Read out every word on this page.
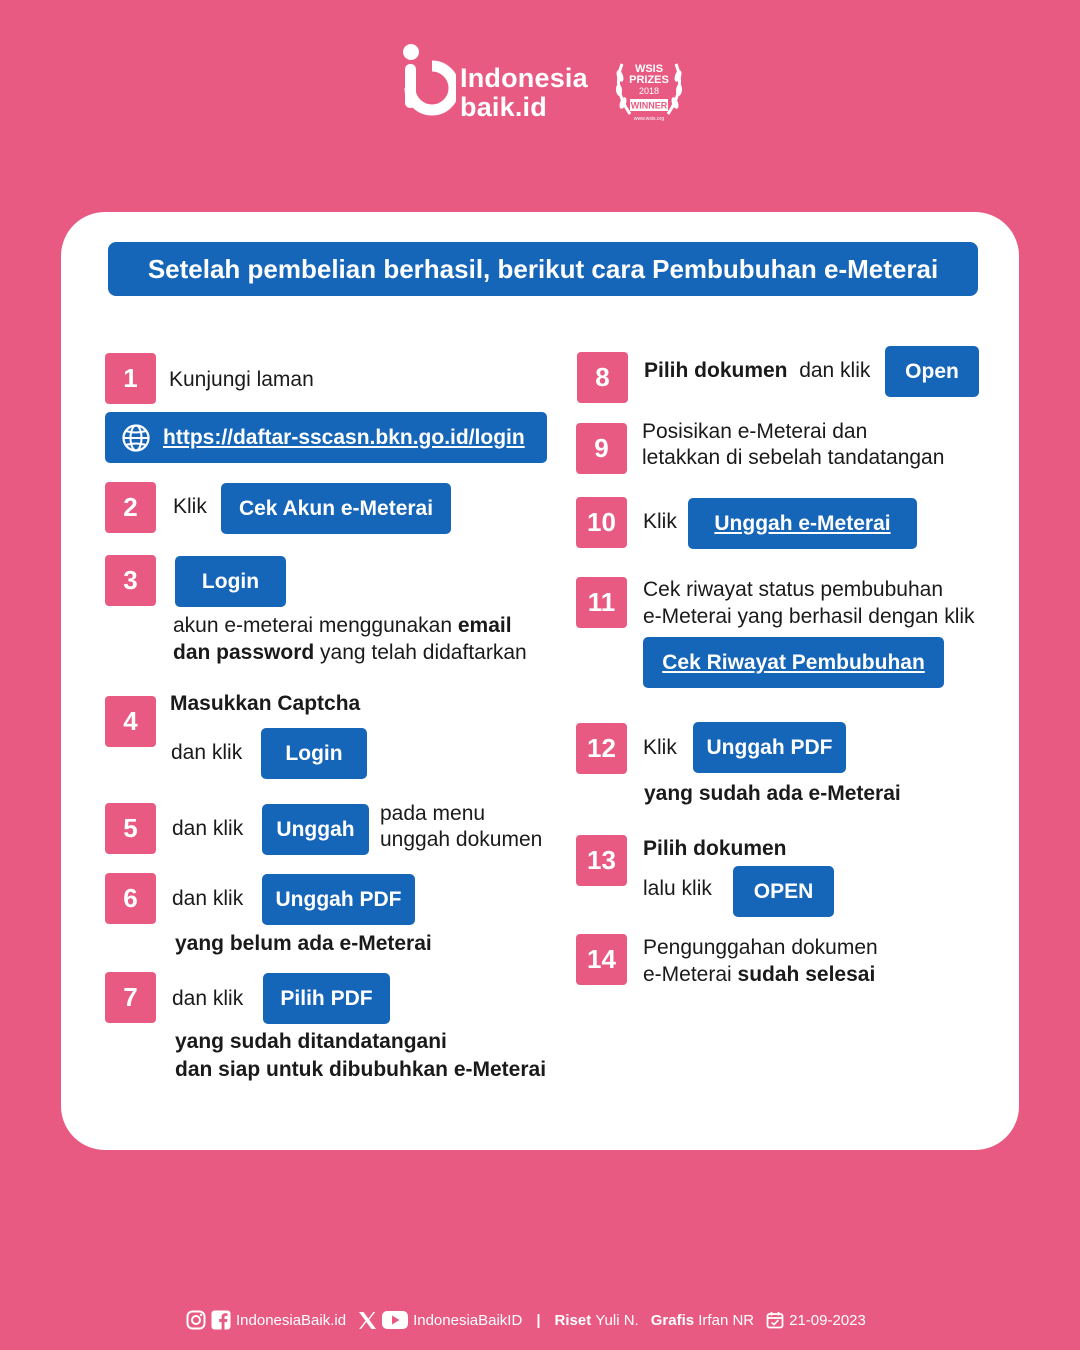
Indonesia
baik.id
WSIS
PRIZES
2018
WINNER
www.wsis.org
Setelah pembelian berhasil, berikut cara Pembubuhan e-Meterai
1	Kunjungi laman
https://daftar-sscasn.bkn.go.id/login
2	Klik	Cek Akun e-Meterai
3	Login
akun e-meterai menggunakan email
dan password yang telah didaftarkan
4
Masukkan Captcha
dan klik	Login
5	dan klik	Unggah
pada menu
unggah dokumen
6	dan klik	Unggah PDF
yang belum ada e-Meterai
7	dan klik	Pilih PDF
yang sudah ditandatangani
dan siap untuk dibubuhkan e-Meterai
8	Pilih dokumen dan klik	Open
9
Posisikan e-Meterai dan
letakkan di sebelah tandatangan
10	Klik	Unggah e-Meterai
11	Cek riwayat status pembubuhan
e-Meterai yang berhasil dengan klik
Cek Riwayat Pembubuhan
12	Klik	Unggah PDF
yang sudah ada e-Meterai
13	Pilih dokumen
lalu klik	OPEN
14	Pengunggahan dokumen
e-Meterai sudah selesai
IndonesiaBaik.id	IndonesiaBaikID | Riset
Yuli N. Grafis
Irfan NR 21-09-2023
